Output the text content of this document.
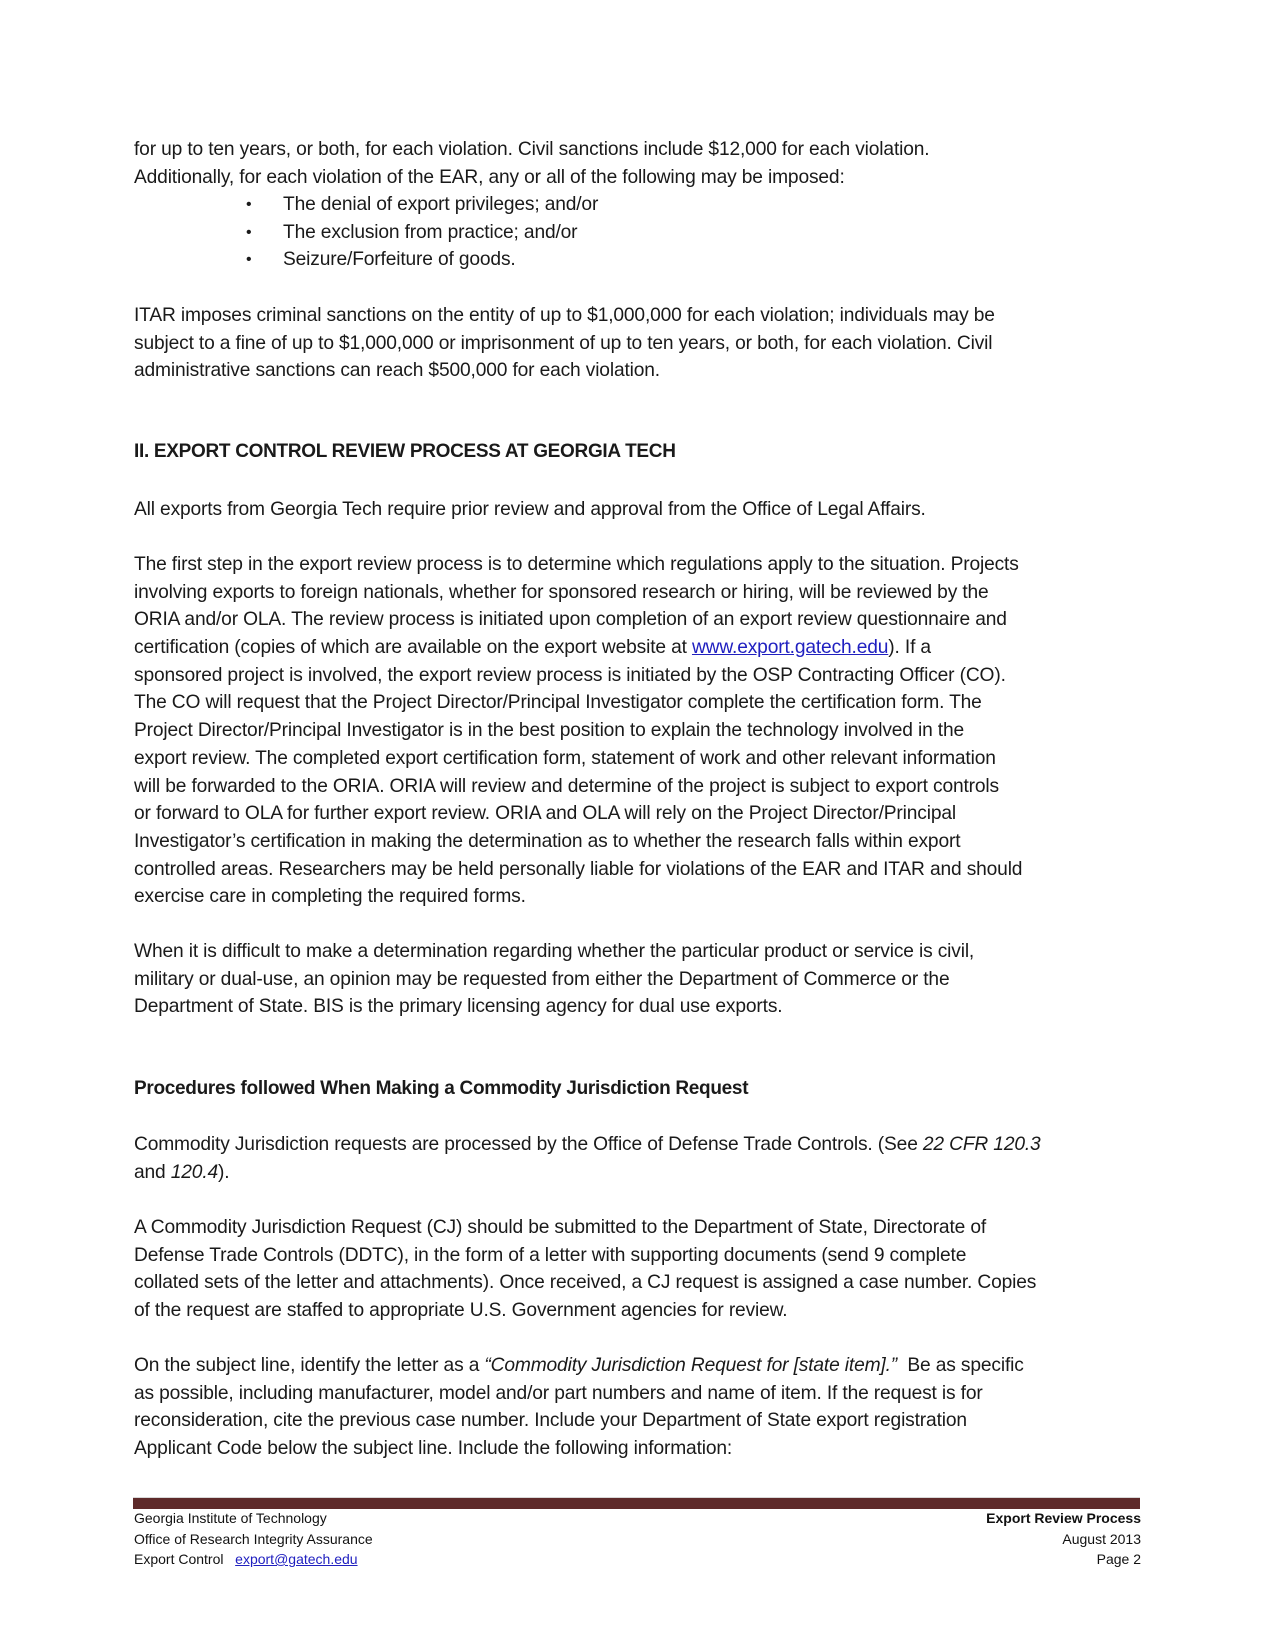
for up to ten years, or both, for each violation. Civil sanctions include $12,000 for each violation.
Additionally, for each violation of the EAR, any or all of the following may be imposed:
• The denial of export privileges; and/or
• The exclusion from practice; and/or
• Seizure/Forfeiture of goods.
ITAR imposes criminal sanctions on the entity of up to $1,000,000 for each violation; individuals may be
subject to a fine of up to $1,000,000 or imprisonment of up to ten years, or both, for each violation. Civil
administrative sanctions can reach $500,000 for each violation.
II. EXPORT CONTROL REVIEW PROCESS AT GEORGIA TECH
All exports from Georgia Tech require prior review and approval from the Office of Legal Affairs.
The first step in the export review process is to determine which regulations apply to the situation. Projects
involving exports to foreign nationals, whether for sponsored research or hiring, will be reviewed by the
ORIA and/or OLA. The review process is initiated upon completion of an export review questionnaire and
certification (copies of which are available on the export website at www.export.gatech.edu). If a
sponsored project is involved, the export review process is initiated by the OSP Contracting Officer (CO).
The CO will request that the Project Director/Principal Investigator complete the certification form. The
Project Director/Principal Investigator is in the best position to explain the technology involved in the
export review. The completed export certification form, statement of work and other relevant information
will be forwarded to the ORIA. ORIA will review and determine of the project is subject to export controls
or forward to OLA for further export review. ORIA and OLA will rely on the Project Director/Principal
Investigator’s certification in making the determination as to whether the research falls within export
controlled areas. Researchers may be held personally liable for violations of the EAR and ITAR and should
exercise care in completing the required forms.
When it is difficult to make a determination regarding whether the particular product or service is civil,
military or dual-use, an opinion may be requested from either the Department of Commerce or the
Department of State. BIS is the primary licensing agency for dual use exports.
Procedures followed When Making a Commodity Jurisdiction Request
Commodity Jurisdiction requests are processed by the Office of Defense Trade Controls. (See 22 CFR 120.3
and 120.4).
A Commodity Jurisdiction Request (CJ) should be submitted to the Department of State, Directorate of
Defense Trade Controls (DDTC), in the form of a letter with supporting documents (send 9 complete
collated sets of the letter and attachments). Once received, a CJ request is assigned a case number. Copies
of the request are staffed to appropriate U.S. Government agencies for review.
On the subject line, identify the letter as a “Commodity Jurisdiction Request for [state item].”  Be as specific
as possible, including manufacturer, model and/or part numbers and name of item. If the request is for
reconsideration, cite the previous case number. Include your Department of State export registration
Applicant Code below the subject line. Include the following information:
Georgia Institute of Technology
Office of Research Integrity Assurance
Export Control export@gatech.edu
Export Review Process
August 2013
Page 2
